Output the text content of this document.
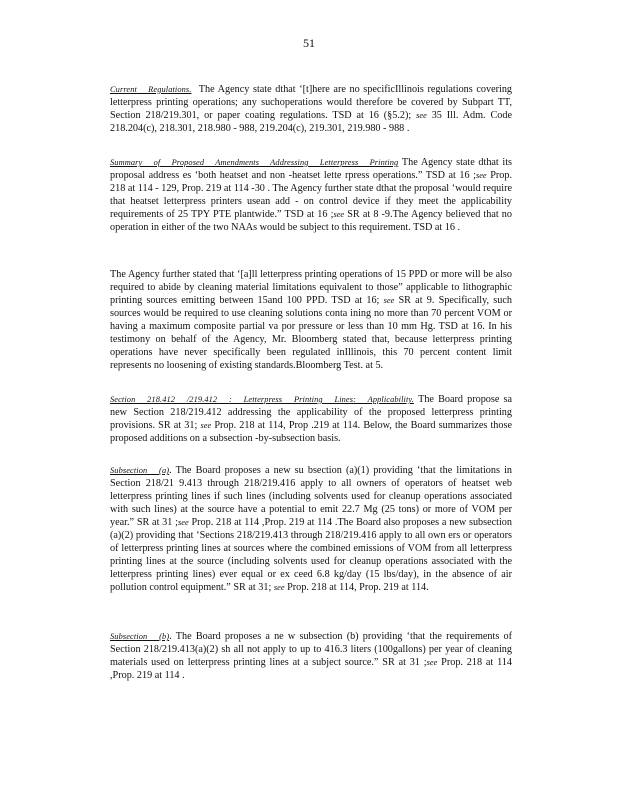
51

Current Regulations. The Agency state dthat ‘[t]here are no specificIllinois regulations covering letterpress printing operations; any suchoperations would therefore be covered by Subpart TT, Section 218/219.301, or paper coating regulations. TSD at 16 (§5.2); see 35 Ill. Adm. Code 218.204(c), 218.301, 218.980 - 988, 219.204(c), 219.301, 219.980 - 988 .

Summary of Proposed Amendments Addressing Letterpress Printing The Agency state dthat its proposal address es ‘both heatset and non -heatset lette rpress operations.” TSD at 16 ;see Prop. 218 at 114 - 129, Prop. 219 at 114 -30 . The Agency further state dthat the proposal ‘would require that heatset letterpress printers usean add - on control device if they meet the applicability requirements of 25 TPY PTE plantwide.” TSD at 16 ;see SR at 8 -9.The Agency believed that no operation in either of the two NAAs would be subject to this requirement. TSD at 16 .

The Agency further stated that ‘[a]ll letterpress printing operations of 15 PPD or more will be also required to abide by cleaning material limitations equivalent to those” applicable to lithographic printing sources emitting between 15and 100 PPD. TSD at 16; see SR at 9. Specifically, such sources would be required to use cleaning solutions conta ining no more than 70 percent VOM or having a maximum composite partial va por pressure or less than 10 mm Hg. TSD at 16. In his testimony on behalf of the Agency, Mr. Bloomberg stated that, because letterpress printing operations have never specifically been regulated inIllinois, this 70 percent content limit represents no loosening of existing standards.Bloomberg Test. at 5.

Section 218.412 /219.412 : Letterpress Printing Lines: Applicability. The Board propose sa new Section 218/219.412 addressing the applicability of the proposed letterpress printing provisions. SR at 31; see Prop. 218 at 114, Prop .219 at 114. Below, the Board summarizes those proposed additions on a subsection -by-subsection basis.

Subsection (a). The Board proposes a new su bsection (a)(1) providing ‘that the limitations in Section 218/21 9.413 through 218/219.416 apply to all owners of operators of heatset web letterpress printing lines if such lines (including solvents used for cleanup operations associated with such lines) at the source have a potential to emit 22.7 Mg (25 tons) or more of VOM per year.” SR at 31 ;see Prop. 218 at 114 ,Prop. 219 at 114 .The Board also proposes a new subsection (a)(2) providing that ‘Sections 218/219.413 through 218/219.416 apply to all own ers or operators of letterpress printing lines at sources where the combined emissions of VOM from all letterpress printing lines at the source (including solvents used for cleanup operations associated with the letterpress printing lines) ever equal or ex ceed 6.8 kg/day (15 lbs/day), in the absence of air pollution control equipment.” SR at 31; see Prop. 218 at 114, Prop. 219 at 114.

Subsection (b). The Board proposes a ne w subsection (b) providing ‘that the requirements of Section 218/219.413(a)(2) sh all not apply to up to 416.3 liters (100gallons) per year of cleaning materials used on letterpress printing lines at a subject source.” SR at 31 ;see Prop. 218 at 114 ,Prop. 219 at 114 .
